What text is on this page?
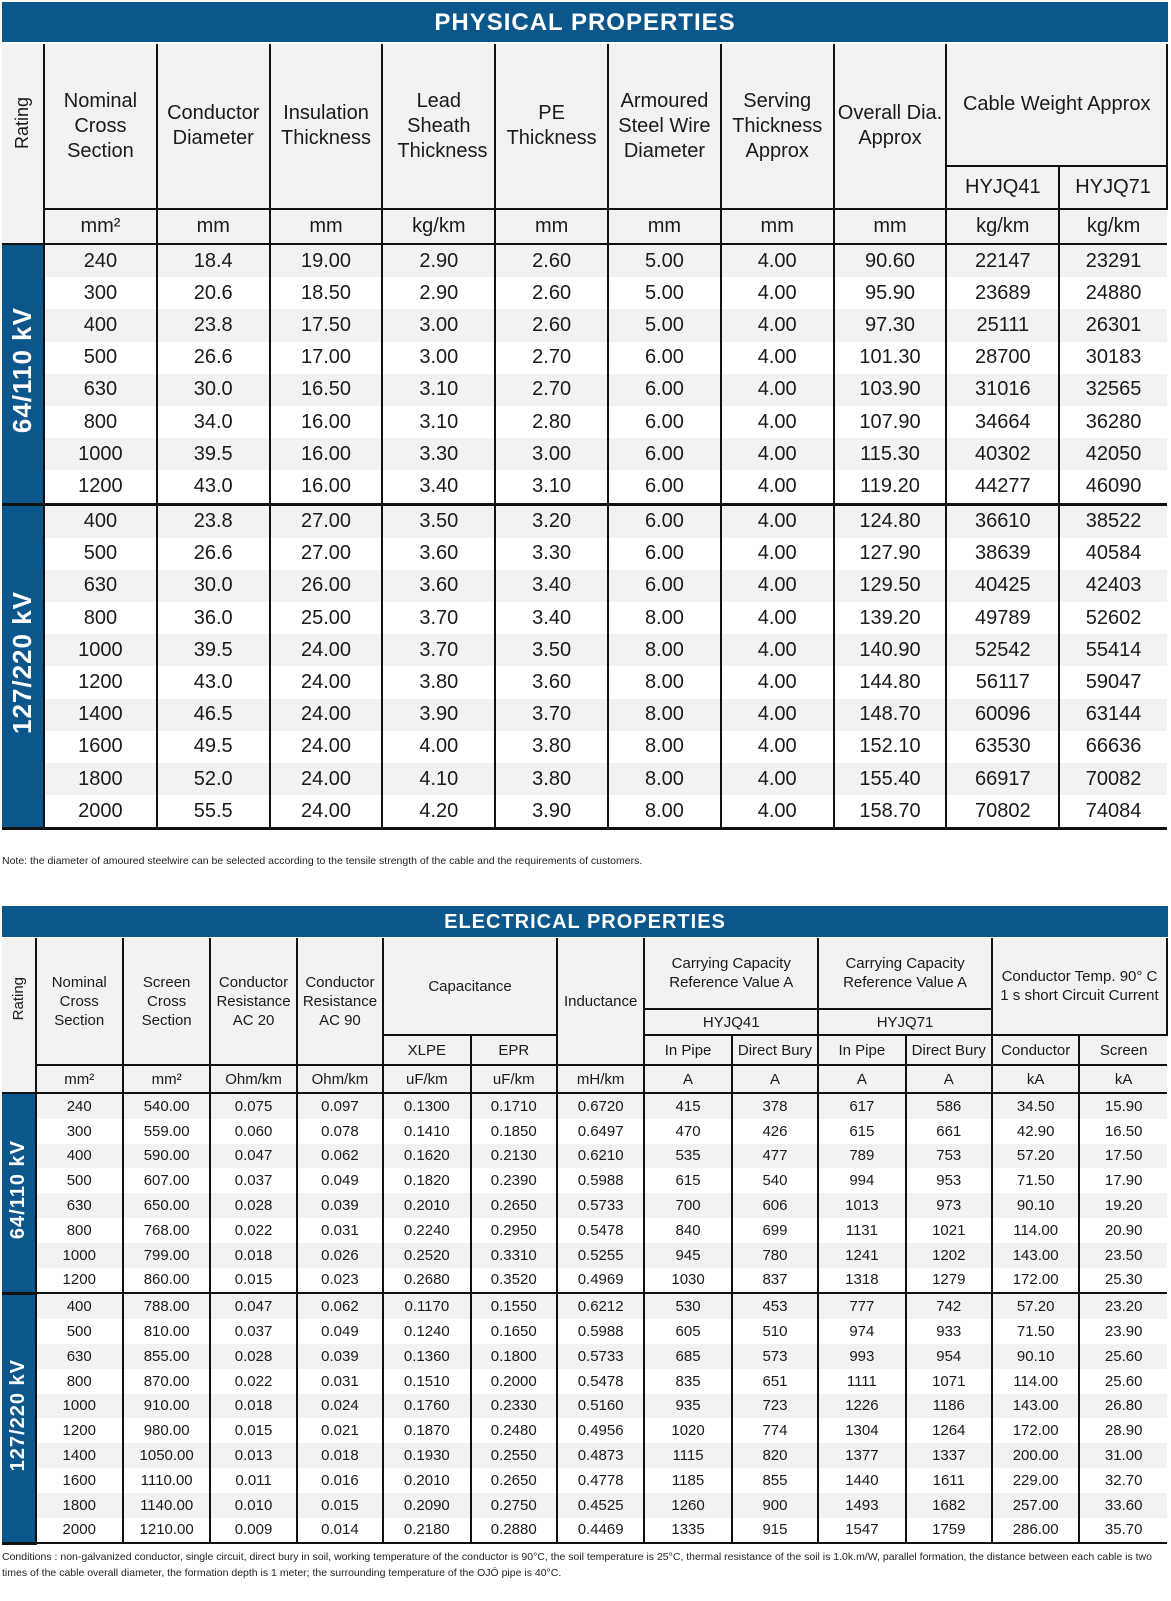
PHYSICAL PROPERTIES
Rating	Nominal Cross Section	Conductor Diameter	Insulation Thickness	Lead Sheath Thickness	PE Thickness	Armoured Steel Wire Diameter	Serving Thickness Approx	Overall Dia. Approx	Cable Weight Approx	
									HYJQ41	HYJQ71
	mm²	mm	mm	kg/km	mm	mm	mm	mm	kg/km	kg/km
64/110 kV	240	18.4	19.00	2.90	2.60	5.00	4.00	90.60	22147	23291
	300	20.6	18.50	2.90	2.60	5.00	4.00	95.90	23689	24880
	400	23.8	17.50	3.00	2.60	5.00	4.00	97.30	25111	26301
	500	26.6	17.00	3.00	2.70	6.00	4.00	101.30	28700	30183
	630	30.0	16.50	3.10	2.70	6.00	4.00	103.90	31016	32565
	800	34.0	16.00	3.10	2.80	6.00	4.00	107.90	34664	36280
	1000	39.5	16.00	3.30	3.00	6.00	4.00	115.30	40302	42050
	1200	43.0	16.00	3.40	3.10	6.00	4.00	119.20	44277	46090
127/220 kV	400	23.8	27.00	3.50	3.20	6.00	4.00	124.80	36610	38522
	500	26.6	27.00	3.60	3.30	6.00	4.00	127.90	38639	40584
	630	30.0	26.00	3.60	3.40	6.00	4.00	129.50	40425	42403
	800	36.0	25.00	3.70	3.40	8.00	4.00	139.20	49789	52602
	1000	39.5	24.00	3.70	3.50	8.00	4.00	140.90	52542	55414
	1200	43.0	24.00	3.80	3.60	8.00	4.00	144.80	56117	59047
	1400	46.5	24.00	3.90	3.70	8.00	4.00	148.70	60096	63144
	1600	49.5	24.00	4.00	3.80	8.00	4.00	152.10	63530	66636
	1800	52.0	24.00	4.10	3.80	8.00	4.00	155.40	66917	70082
	2000	55.5	24.00	4.20	3.90	8.00	4.00	158.70	70802	74084
Note: the diameter of amoured steelwire can be selected according to the tensile strength of the cable and the requirements of customers.
ELECTRICAL PROPERTIES
Rating	Nominal Cross Section	Screen Cross Section	Conductor Resistance AC 20	Conductor Resistance AC 90	Capacitance		Inductance	Carrying Capacity Reference Value A		Carrying Capacity Reference Value A		Conductor Temp. 90° C
1 s short Circuit Current	

								HYJQ41		HYJQ71			
					XLPE	EPR		In Pipe	Direct Bury	In Pipe	Direct Bury	Conductor	Screen
	mm²	mm²	Ohm/km	Ohm/km	uF/km	uF/km	mH/km	A	A	A	A	kA	kA
64/110 kV	240	540.00	0.075	0.097	0.1300	0.1710	0.6720	415	378	617	586	34.50	15.90
	300	559.00	0.060	0.078	0.1410	0.1850	0.6497	470	426	615	661	42.90	16.50
	400	590.00	0.047	0.062	0.1620	0.2130	0.6210	535	477	789	753	57.20	17.50
	500	607.00	0.037	0.049	0.1820	0.2390	0.5988	615	540	994	953	71.50	17.90
	630	650.00	0.028	0.039	0.2010	0.2650	0.5733	700	606	1013	973	90.10	19.20
	800	768.00	0.022	0.031	0.2240	0.2950	0.5478	840	699	1131	1021	114.00	20.90
	1000	799.00	0.018	0.026	0.2520	0.3310	0.5255	945	780	1241	1202	143.00	23.50
	1200	860.00	0.015	0.023	0.2680	0.3520	0.4969	1030	837	1318	1279	172.00	25.30
127/220 kV	400	788.00	0.047	0.062	0.1170	0.1550	0.6212	530	453	777	742	57.20	23.20
	500	810.00	0.037	0.049	0.1240	0.1650	0.5988	605	510	974	933	71.50	23.90
	630	855.00	0.028	0.039	0.1360	0.1800	0.5733	685	573	993	954	90.10	25.60
	800	870.00	0.022	0.031	0.1510	0.2000	0.5478	835	651	1111	1071	114.00	25.60
	1000	910.00	0.018	0.024	0.1760	0.2330	0.5160	935	723	1226	1186	143.00	26.80
	1200	980.00	0.015	0.021	0.1870	0.2480	0.4956	1020	774	1304	1264	172.00	28.90
	1400	1050.00	0.013	0.018	0.1930	0.2550	0.4873	1115	820	1377	1337	200.00	31.00
	1600	1110.00	0.011	0.016	0.2010	0.2650	0.4778	1185	855	1440	1611	229.00	32.70
	1800	1140.00	0.010	0.015	0.2090	0.2750	0.4525	1260	900	1493	1682	257.00	33.60
	2000	1210.00	0.009	0.014	0.2180	0.2880	0.4469	1335	915	1547	1759	286.00	35.70
Conditions : non-galvanized conductor, single circuit, direct bury in soil, working temperature of the conductor is 90°C, the soil temperature is 25°C, thermal resistance of the soil is 1.0k.m/W, parallel formation, the distance between each cable is two times of the cable overall diameter, the formation depth is 1 meter; the surrounding temperature of the OJÓ pipe is 40°C.
